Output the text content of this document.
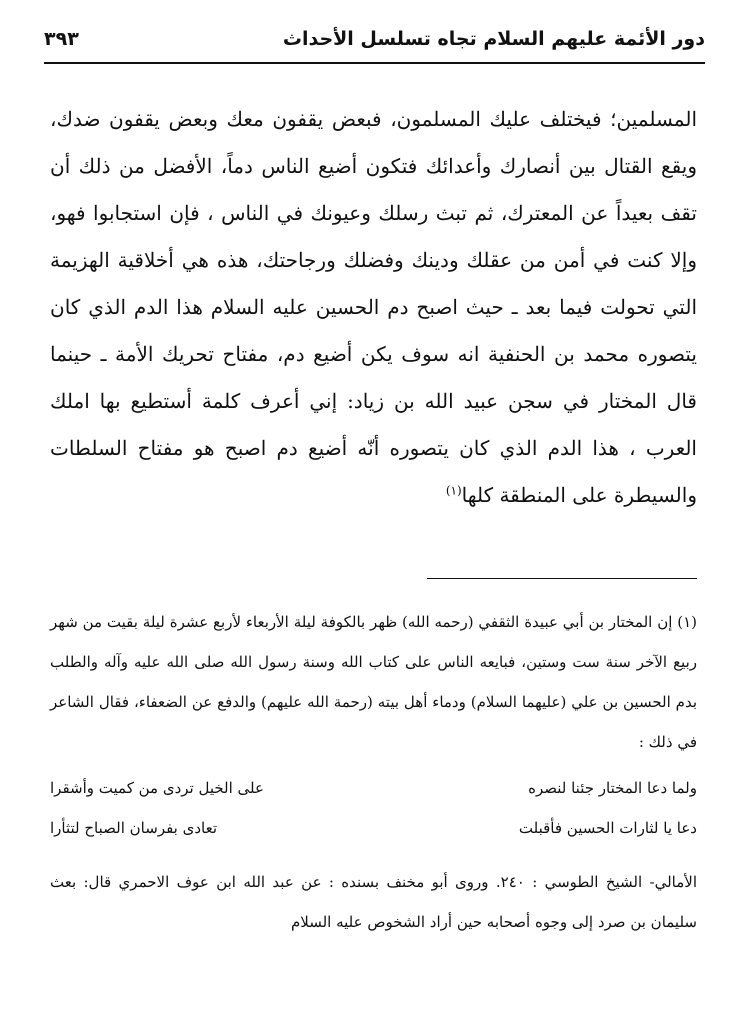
دور الأئمة عليهم السلام تجاه تسلسل الأحداث
٣٩٣

المسلمين؛ فيختلف عليك المسلمون، فبعض يقفون معك وبعض يقفون ضدك، ويقع القتال بين أنصارك وأعدائك فتكون أضيع الناس دماً، الأفضل من ذلك أن تقف بعيداً عن المعترك، ثم تبث رسلك وعيونك في الناس ، فإن استجابوا فهو، وإلا كنت في أمن من عقلك ودينك وفضلك ورجاحتك، هذه هي أخلاقية الهزيمة التي تحولت فيما بعد ـ حيث اصبح دم الحسين عليه السلام هذا الدم الذي كان يتصوره محمد بن الحنفية انه سوف يكن أضيع دم، مفتاح تحريك الأمة ـ حينما قال المختار في سجن عبيد الله بن زياد: إني أعرف كلمة أستطيع بها املك العرب ، هذا الدم الذي كان يتصوره أنّه أضيع دم اصبح هو مفتاح السلطات والسيطرة على المنطقة كلها$^{(١)}$

(١) إن المختار بن أبي عبيدة الثقفي (رحمه الله) ظهر بالكوفة ليلة الأربعاء لأربع عشرة ليلة بقيت من شهر ربيع الآخر سنة ست وستين، فبايعه الناس على كتاب الله وسنة رسول الله صلى الله عليه وآله والطلب بدم الحسين بن علي (عليهما السلام) ودماء أهل بيته (رحمة الله عليهم) والدفع عن الضعفاء، فقال الشاعر في ذلك :

ولما دعا المختار جئنا لنصره
على الخيل تردى من كميت وأشقرا
دعا يا لثارات الحسين فأقبلت
تعادى بفرسان الصباح لتثأرا

الأمالي- الشيخ الطوسي : ٢٤٠. وروى أبو مخنف بسنده : عن عبد الله ابن عوف الاحمري قال: بعث سليمان بن صرد إلى وجوه أصحابه حين أراد الشخوص عليه السلام
